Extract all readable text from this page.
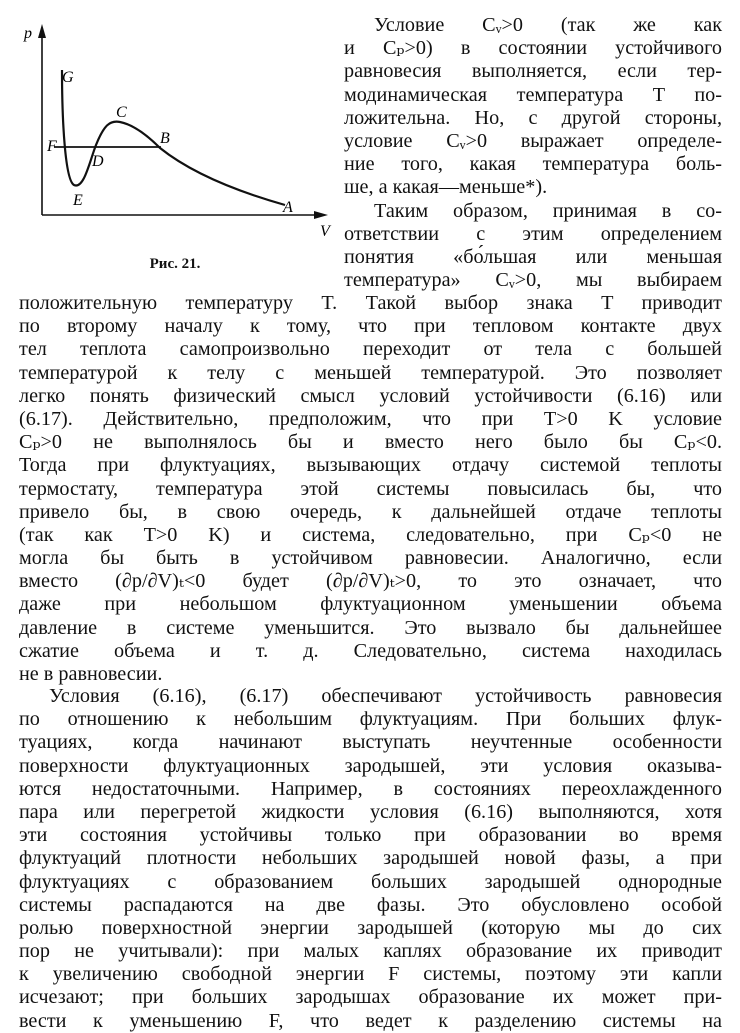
p
V
G
F
E
D
C
B
A
Рис. 21.
Условие Cᵥ>0 (так же как
и Cₚ>0) в состоянии устойчивого
равновесия выполняется, если тер-
модинамическая температура T по-
ложительна. Но, с другой стороны,
условие Cᵥ>0 выражает определе-
ние того, какая температура боль-
ше, а какая—меньше*).
Таким образом, принимая в со-
ответствии с этим определением
понятия «бо́льшая или меньшая
температура» Cᵥ>0, мы выбираем
положительную температуру T. Такой выбор знака T приводит
по второму началу к тому, что при тепловом контакте двух
тел теплота самопроизвольно переходит от тела с большей
температурой к телу с меньшей температурой. Это позволяет
легко понять физический смысл условий устойчивости (6.16) или
(6.17). Действительно, предположим, что при T>0 K условие
Cₚ>0 не выполнялось бы и вместо него было бы Cₚ<0.
Тогда при флуктуациях, вызывающих отдачу системой теплоты
термостату, температура этой системы повысилась бы, что
привело бы, в свою очередь, к дальнейшей отдаче теплоты
(так как T>0 K) и система, следовательно, при Cₚ<0 не
могла бы быть в устойчивом равновесии. Аналогично, если
вместо (∂p/∂V)ₜ<0 будет (∂p/∂V)ₜ>0, то это означает, что
даже при небольшом флуктуационном уменьшении объема
давление в системе уменьшится. Это вызвало бы дальнейшее
сжатие объема и т. д. Следовательно, система находилась
не в равновесии.
Условия (6.16), (6.17) обеспечивают устойчивость равновесия
по отношению к небольшим флуктуациям. При больших флук-
туациях, когда начинают выступать неучтенные особенности
поверхности флуктуационных зародышей, эти условия оказыва-
ются недостаточными. Например, в состояниях переохлажденного
пара или перегретой жидкости условия (6.16) выполняются, хотя
эти состояния устойчивы только при образовании во время
флуктуаций плотности небольших зародышей новой фазы, а при
флуктуациях с образованием больших зародышей однородные
системы распадаются на две фазы. Это обусловлено особой
ролью поверхностной энергии зародышей (которую мы до сих
пор не учитывали): при малых каплях образование их приводит
к увеличению свободной энергии F системы, поэтому эти капли
исчезают; при больших зародышах образование их может при-
вести к уменьшению F, что ведет к разделению системы на
